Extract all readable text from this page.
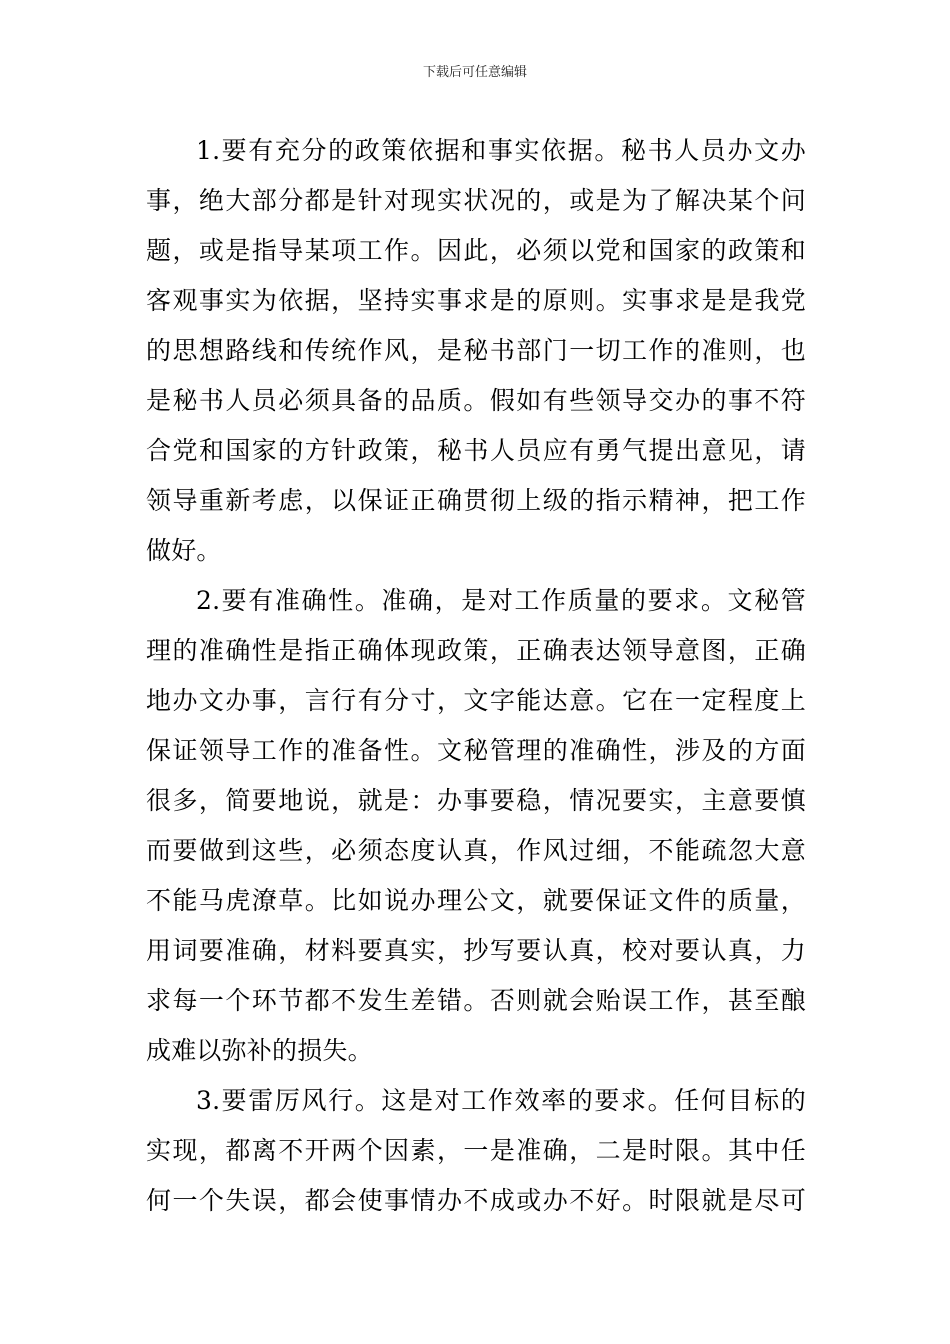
下载后可任意编辑
1.要有充分的政策依据和事实依据。秘书人员办文办
事，绝大部分都是针对现实状况的，或是为了解决某个问
题，或是指导某项工作。因此，必须以党和国家的政策和
客观事实为依据，坚持实事求是的原则。实事求是是我党
的思想路线和传统作风，是秘书部门一切工作的准则，也
是秘书人员必须具备的品质。假如有些领导交办的事不符
合党和国家的方针政策，秘书人员应有勇气提出意见，请
领导重新考虑，以保证正确贯彻上级的指示精神，把工作
做好。
2.要有准确性。准确，是对工作质量的要求。文秘管
理的准确性是指正确体现政策，正确表达领导意图，正确
地办文办事，言行有分寸，文字能达意。它在一定程度上
保证领导工作的准备性。文秘管理的准确性，涉及的方面
很多，简要地说，就是：办事要稳，情况要实，主意要慎
而要做到这些，必须态度认真，作风过细，不能疏忽大意
不能马虎潦草。比如说办理公文，就要保证文件的质量，
用词要准确，材料要真实，抄写要认真，校对要认真，力
求每一个环节都不发生差错。否则就会贻误工作，甚至酿
成难以弥补的损失。
3.要雷厉风行。这是对工作效率的要求。任何目标的
实现，都离不开两个因素，一是准确，二是时限。其中任
何一个失误，都会使事情办不成或办不好。时限就是尽可
